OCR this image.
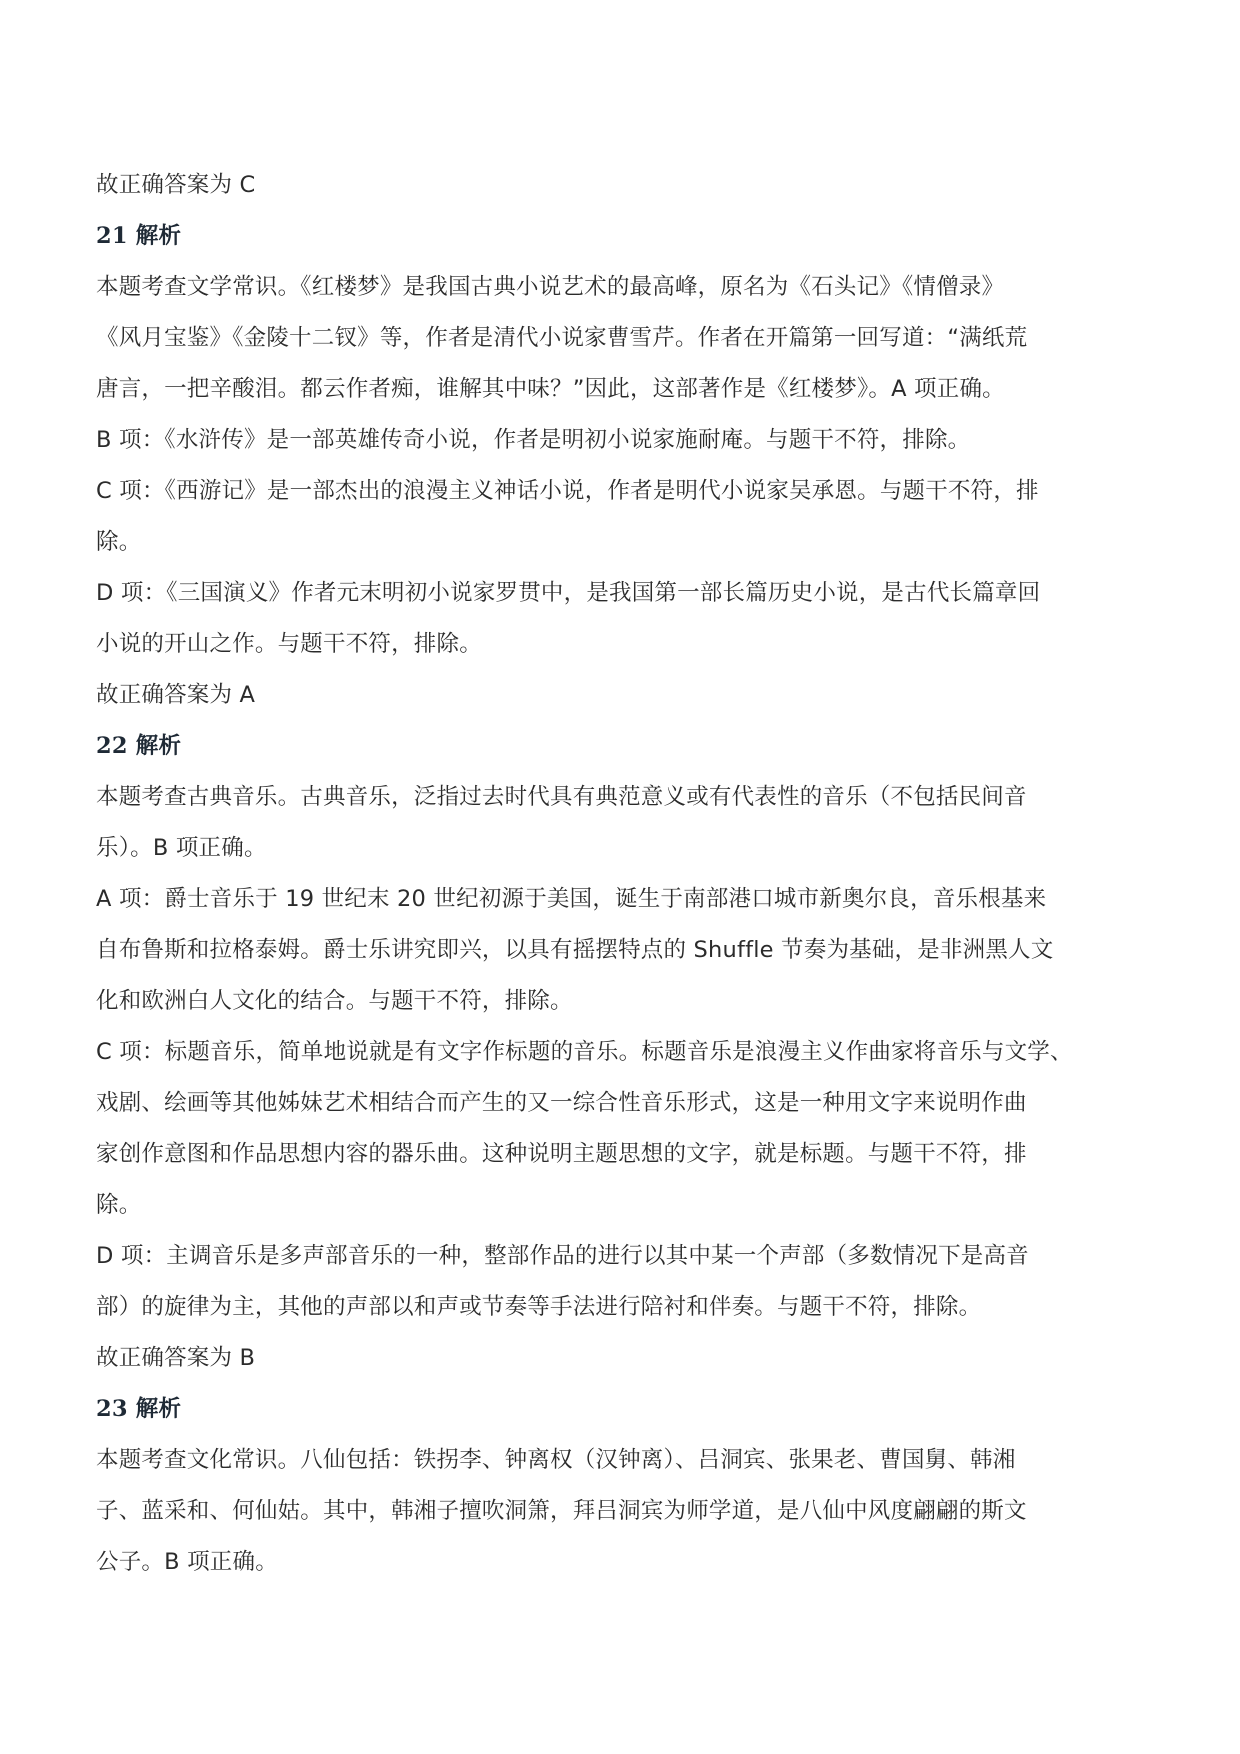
故正确答案为 C
21 解析
本题考查文学常识。《红楼梦》是我国古典小说艺术的最高峰，原名为《石头记》《情僧录》
《风月宝鉴》《金陵十二钗》等，作者是清代小说家曹雪芹。作者在开篇第一回写道：“满纸荒
唐言，一把辛酸泪。都云作者痴，谁解其中味？”因此，这部著作是《红楼梦》。A 项正确。
B 项：《水浒传》是一部英雄传奇小说，作者是明初小说家施耐庵。与题干不符，排除。
C 项：《西游记》是一部杰出的浪漫主义神话小说，作者是明代小说家吴承恩。与题干不符，排
除。
D 项：《三国演义》作者元末明初小说家罗贯中，是我国第一部长篇历史小说，是古代长篇章回
小说的开山之作。与题干不符，排除。
故正确答案为 A
22 解析
本题考查古典音乐。古典音乐，泛指过去时代具有典范意义或有代表性的音乐（不包括民间音
乐）。B 项正确。
A 项：爵士音乐于 19 世纪末 20 世纪初源于美国，诞生于南部港口城市新奥尔良，音乐根基来
自布鲁斯和拉格泰姆。爵士乐讲究即兴，以具有摇摆特点的 Shuffle 节奏为基础，是非洲黑人文
化和欧洲白人文化的结合。与题干不符，排除。
C 项：标题音乐，简单地说就是有文字作标题的音乐。标题音乐是浪漫主义作曲家将音乐与文学、
戏剧、绘画等其他姊妹艺术相结合而产生的又一综合性音乐形式，这是一种用文字来说明作曲
家创作意图和作品思想内容的器乐曲。这种说明主题思想的文字，就是标题。与题干不符，排
除。
D 项：主调音乐是多声部音乐的一种，整部作品的进行以其中某一个声部（多数情况下是高音
部）的旋律为主，其他的声部以和声或节奏等手法进行陪衬和伴奏。与题干不符，排除。
故正确答案为 B
23 解析
本题考查文化常识。八仙包括：铁拐李、钟离权（汉钟离）、吕洞宾、张果老、曹国舅、韩湘
子、蓝采和、何仙姑。其中，韩湘子擅吹洞箫，拜吕洞宾为师学道，是八仙中风度翩翩的斯文
公子。B 项正确。
